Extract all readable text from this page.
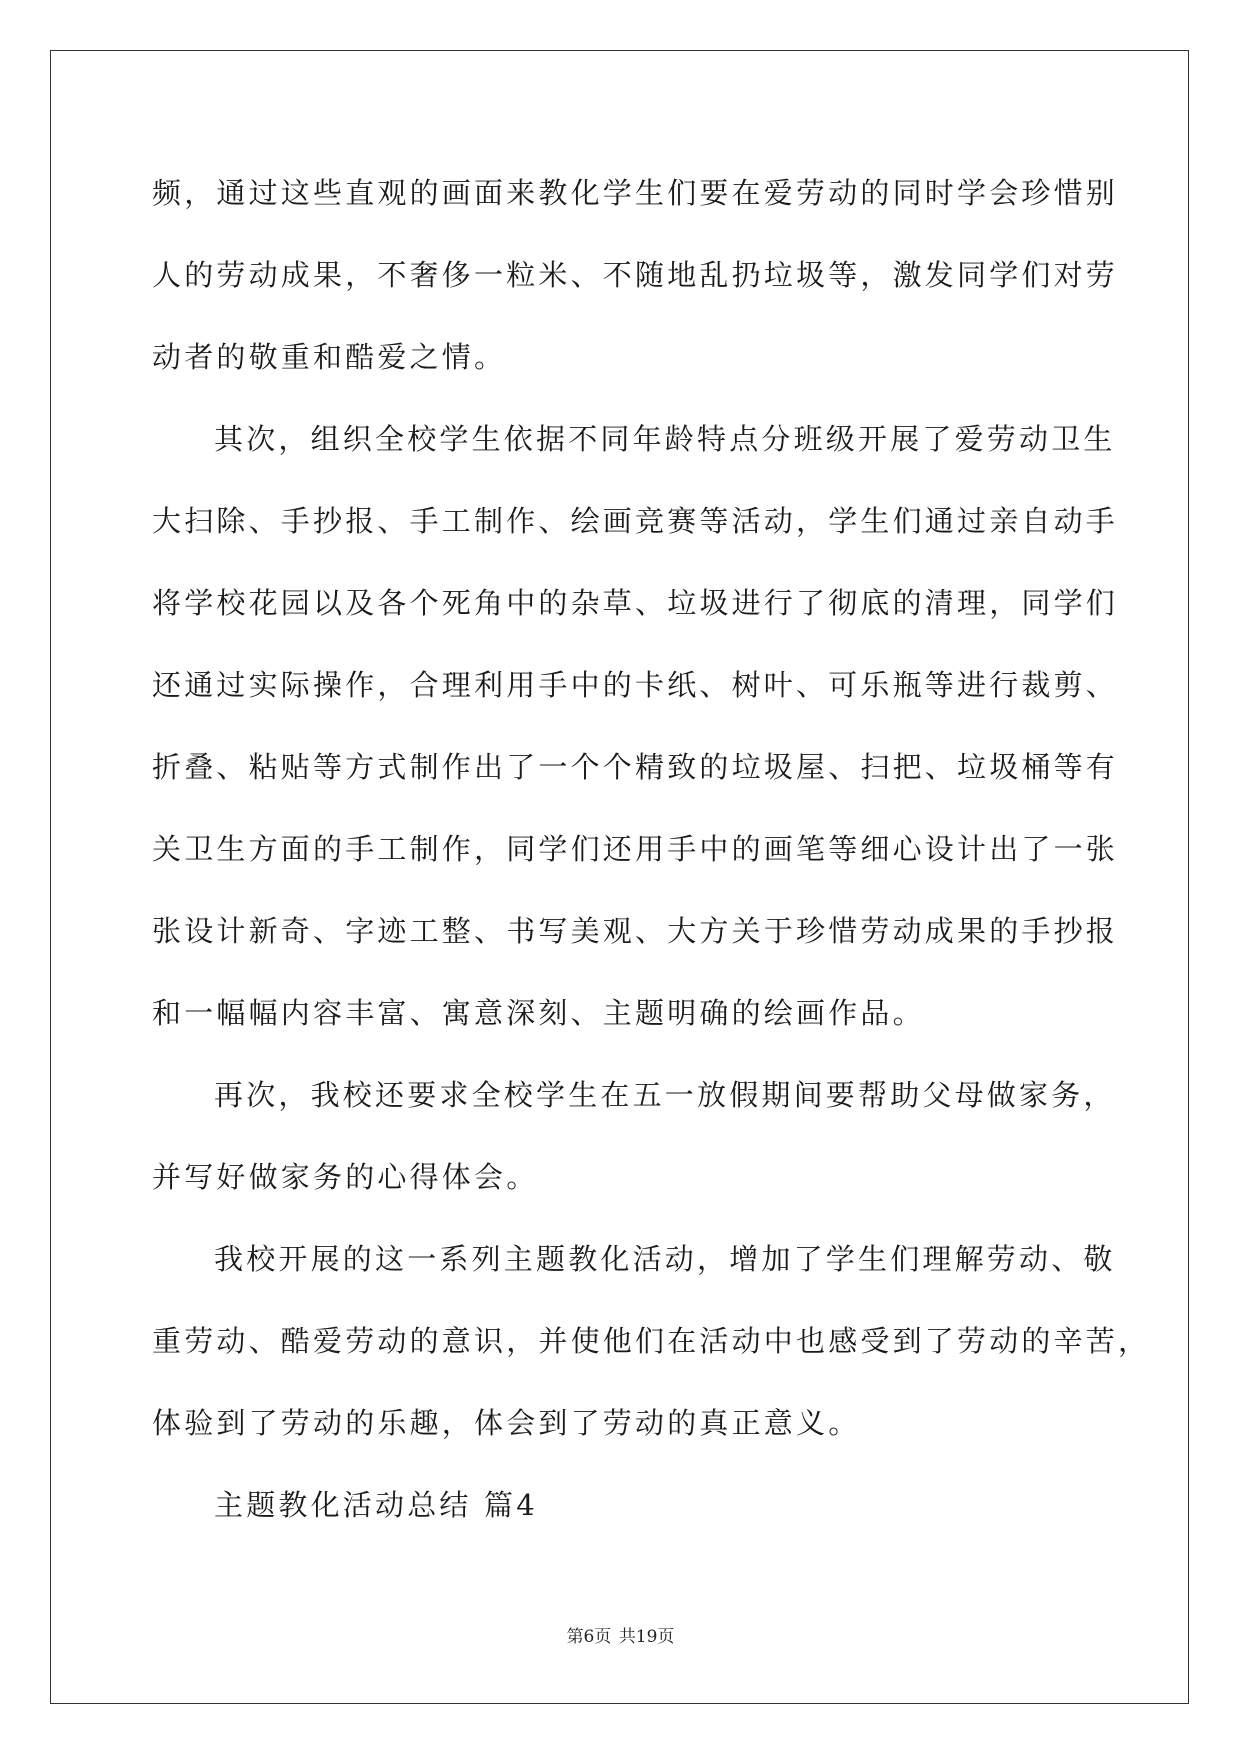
频，通过这些直观的画面来教化学生们要在爱劳动的同时学会珍惜别
人的劳动成果，不奢侈一粒米、不随地乱扔垃圾等，激发同学们对劳
动者的敬重和酷爱之情。
其次，组织全校学生依据不同年龄特点分班级开展了爱劳动卫生
大扫除、手抄报、手工制作、绘画竞赛等活动，学生们通过亲自动手
将学校花园以及各个死角中的杂草、垃圾进行了彻底的清理，同学们
还通过实际操作，合理利用手中的卡纸、树叶、可乐瓶等进行裁剪、
折叠、粘贴等方式制作出了一个个精致的垃圾屋、扫把、垃圾桶等有
关卫生方面的手工制作，同学们还用手中的画笔等细心设计出了一张
张设计新奇、字迹工整、书写美观、大方关于珍惜劳动成果的手抄报
和一幅幅内容丰富、寓意深刻、主题明确的绘画作品。
再次，我校还要求全校学生在五一放假期间要帮助父母做家务，
并写好做家务的心得体会。
我校开展的这一系列主题教化活动，增加了学生们理解劳动、敬
重劳动、酷爱劳动的意识，并使他们在活动中也感受到了劳动的辛苦，
体验到了劳动的乐趣，体会到了劳动的真正意义。
主题教化活动总结 篇4
第6页 共19页
